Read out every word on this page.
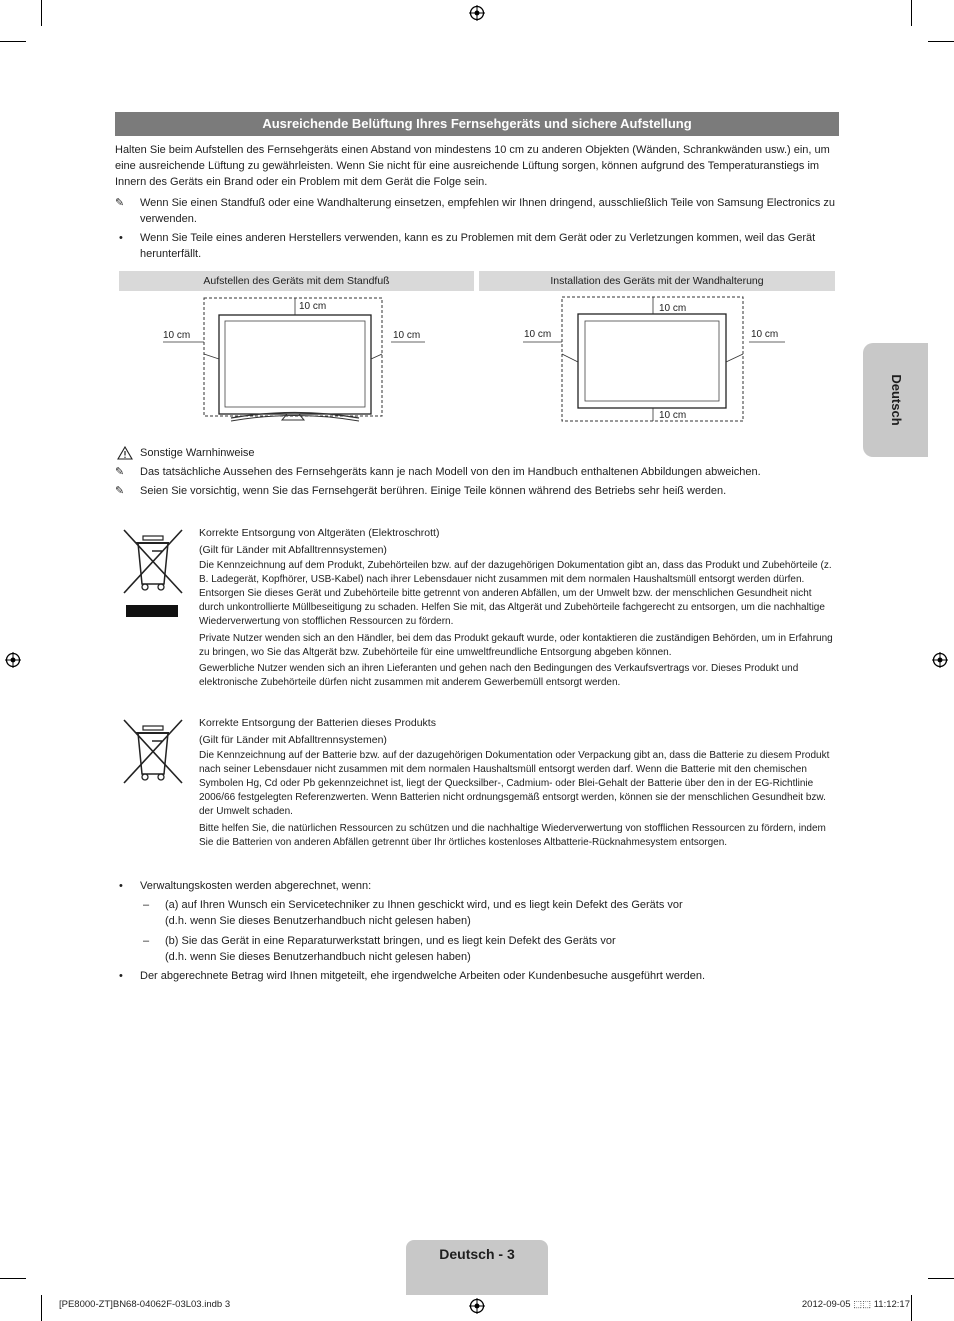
Deutsch
Ausreichende Belüftung Ihres Fernsehgeräts und sichere Aufstellung
Halten Sie beim Aufstellen des Fernsehgeräts einen Abstand von mindestens 10 cm zu anderen Objekten (Wänden, Schrankwänden usw.) ein, um eine ausreichende Lüftung zu gewährleisten. Wenn Sie nicht für eine ausreichende Lüftung sorgen, können aufgrund des Temperaturanstiegs im Innern des Geräts ein Brand oder ein Problem mit dem Gerät die Folge sein.
✎	Wenn Sie einen Standfuß oder eine Wandhalterung einsetzen, empfehlen wir Ihnen dringend, ausschließlich Teile von Samsung Electronics zu verwenden.
•	Wenn Sie Teile eines anderen Herstellers verwenden, kann es zu Problemen mit dem Gerät oder zu Verletzungen kommen, weil das Gerät herunterfällt.
Aufstellen des Geräts mit dem Standfuß	Installation des Geräts mit der Wandhalterung
10 cm
10 cm	10 cm
10 cm
10 cm	10 cm
10 cm
Sonstige Warnhinweise
✎	Das tatsächliche Aussehen des Fernsehgeräts kann je nach Modell von den im Handbuch enthaltenen Abbildungen abweichen.
✎	Seien Sie vorsichtig, wenn Sie das Fernsehgerät berühren. Einige Teile können während des Betriebs sehr heiß werden.

Korrekte Entsorgung von Altgeräten (Elektroschrott)

(Gilt für Länder mit Abfalltrennsystemen)

Die Kennzeichnung auf dem Produkt, Zubehörteilen bzw. auf der dazugehörigen Dokumentation gibt an, dass das Produkt und Zubehörteile (z. B. Ladegerät, Kopfhörer, USB-Kabel) nach ihrer Lebensdauer nicht zusammen mit dem normalen Haushaltsmüll entsorgt werden dürfen. Entsorgen Sie dieses Gerät und Zubehörteile bitte getrennt von anderen Abfällen, um der Umwelt bzw. der menschlichen Gesundheit nicht durch unkontrollierte Müllbeseitigung zu schaden. Helfen Sie mit, das Altgerät und Zubehörteile fachgerecht zu entsorgen, um die nachhaltige Wiederverwertung von stofflichen Ressourcen zu fördern.

Private Nutzer wenden sich an den Händler, bei dem das Produkt gekauft wurde, oder kontaktieren die zuständigen Behörden, um in Erfahrung zu bringen, wo Sie das Altgerät bzw. Zubehörteile für eine umweltfreundliche Entsorgung abgeben können.

Gewerbliche Nutzer wenden sich an ihren Lieferanten und gehen nach den Bedingungen des Verkaufsvertrags vor. Dieses Produkt und elektronische Zubehörteile dürfen nicht zusammen mit anderem Gewerbemüll entsorgt werden.

Korrekte Entsorgung der Batterien dieses Produkts

(Gilt für Länder mit Abfalltrennsystemen)

Die Kennzeichnung auf der Batterie bzw. auf der dazugehörigen Dokumentation oder Verpackung gibt an, dass die Batterie zu diesem Produkt nach seiner Lebensdauer nicht zusammen mit dem normalen Haushaltsmüll entsorgt werden darf. Wenn die Batterie mit den chemischen Symbolen Hg, Cd oder Pb gekennzeichnet ist, liegt der Quecksilber-, Cadmium- oder Blei-Gehalt der Batterie über den in der EG-Richtlinie 2006/66 festgelegten Referenzwerten. Wenn Batterien nicht ordnungsgemäß entsorgt werden, können sie der menschlichen Gesundheit bzw. der Umwelt schaden.

Bitte helfen Sie, die natürlichen Ressourcen zu schützen und die nachhaltige Wiederverwertung von stofflichen Ressourcen zu fördern, indem Sie die Batterien von anderen Abfällen getrennt über Ihr örtliches kostenloses Altbatterie-Rücknahmesystem entsorgen.

• Verwaltungskosten werden abgerechnet, wenn:
– (a) auf Ihren Wunsch ein Servicetechniker zu Ihnen geschickt wird, und es liegt kein Defekt des Geräts vor
(d.h. wenn Sie dieses Benutzerhandbuch nicht gelesen haben)
– (b) Sie das Gerät in eine Reparaturwerkstatt bringen, und es liegt kein Defekt des Geräts vor
(d.h. wenn Sie dieses Benutzerhandbuch nicht gelesen haben)
• Der abgerechnete Betrag wird Ihnen mitgeteilt, ehe irgendwelche Arbeiten oder Kundenbesuche ausgeführt werden.
Deutsch - 3
[PE8000-ZT]BN68-04062F-03L03.indb 3	2012-09-05 ⬚⬚ 11:12:17
